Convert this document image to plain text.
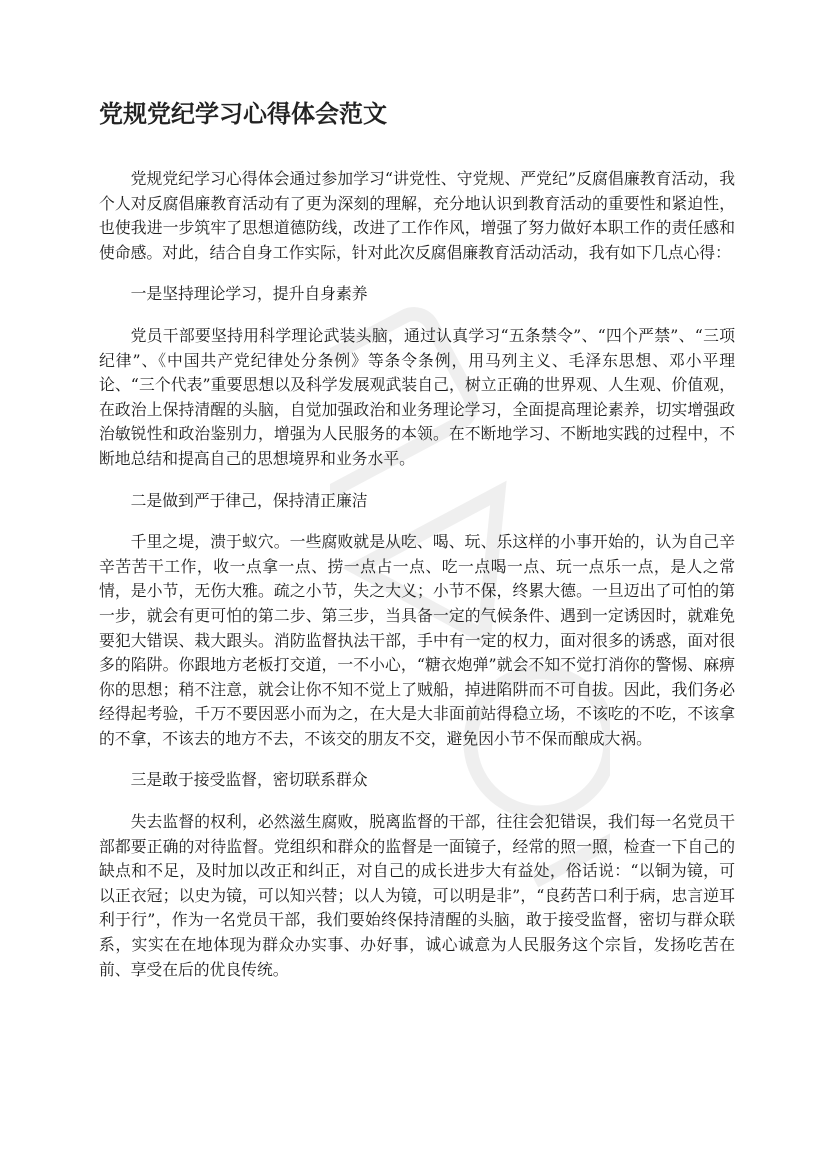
党规党纪学习心得体会范文

党规党纪学习心得体会通过参加学习“讲党性、守党规、严党纪”反腐倡廉教育活动，我个人对反腐倡廉教育活动有了更为深刻的理解，充分地认识到教育活动的重要性和紧迫性，也使我进一步筑牢了思想道德防线，改进了工作作风，增强了努力做好本职工作的责任感和使命感。对此，结合自身工作实际，针对此次反腐倡廉教育活动活动，我有如下几点心得：

一是坚持理论学习，提升自身素养

党员干部要坚持用科学理论武装头脑，通过认真学习“五条禁令”、“四个严禁”、“三项纪律”、《中国共产党纪律处分条例》等条令条例，用马列主义、毛泽东思想、邓小平理论、“三个代表”重要思想以及科学发展观武装自己，树立正确的世界观、人生观、价值观，在政治上保持清醒的头脑，自觉加强政治和业务理论学习，全面提高理论素养，切实增强政治敏锐性和政治鉴别力，增强为人民服务的本领。在不断地学习、不断地实践的过程中，不断地总结和提高自己的思想境界和业务水平。

二是做到严于律己，保持清正廉洁

千里之堤，溃于蚁穴。一些腐败就是从吃、喝、玩、乐这样的小事开始的，认为自己辛辛苦苦干工作，收一点拿一点、捞一点占一点、吃一点喝一点、玩一点乐一点，是人之常情，是小节，无伤大雅。疏之小节，失之大义；小节不保，终累大德。一旦迈出了可怕的第一步，就会有更可怕的第二步、第三步，当具备一定的气候条件、遇到一定诱因时，就难免要犯大错误、栽大跟头。消防监督执法干部，手中有一定的权力，面对很多的诱惑，面对很多的陷阱。你跟地方老板打交道，一不小心，“糖衣炮弹”就会不知不觉打消你的警惕、麻痹你的思想；稍不注意，就会让你不知不觉上了贼船，掉进陷阱而不可自拔。因此，我们务必经得起考验，千万不要因恶小而为之，在大是大非面前站得稳立场，不该吃的不吃，不该拿的不拿，不该去的地方不去，不该交的朋友不交，避免因小节不保而酿成大祸。

三是敢于接受监督，密切联系群众

失去监督的权利，必然滋生腐败，脱离监督的干部，往往会犯错误，我们每一名党员干部都要正确的对待监督。党组织和群众的监督是一面镜子，经常的照一照，检查一下自己的缺点和不足，及时加以改正和纠正，对自己的成长进步大有益处，俗话说：“以铜为镜，可以正衣冠；以史为镜，可以知兴替；以人为镜，可以明是非”，“良药苦口利于病，忠言逆耳利于行”，作为一名党员干部，我们要始终保持清醒的头脑，敢于接受监督，密切与群众联系，实实在在地体现为群众办实事、办好事，诚心诚意为人民服务这个宗旨，发扬吃苦在前、享受在后的优良传统。
